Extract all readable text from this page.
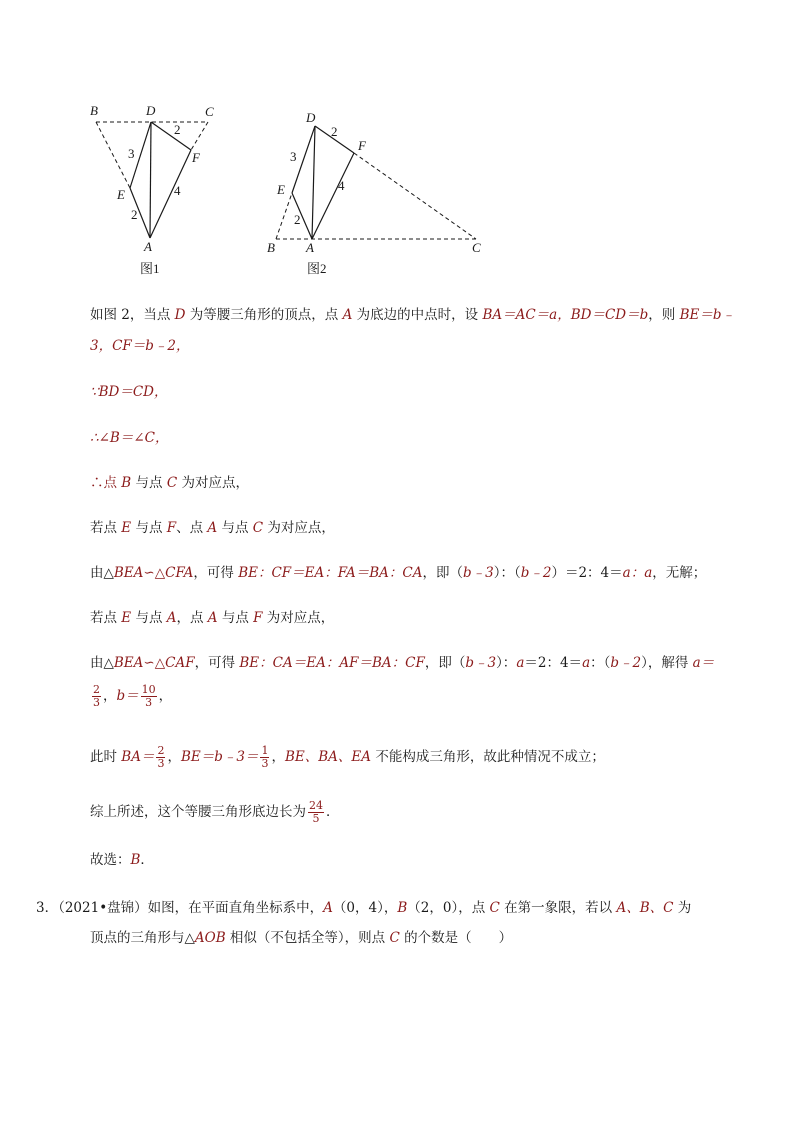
B	D	C
E
F
A
3
2
2
4
图1
D
F
E
B A	C
3
2
2
4
图2
如图 2，当点 D 为等腰三角形的顶点，点 A 为底边的中点时，设 BA＝AC＝a，BD＝CD＝b，则 BE＝b﹣
3，CF＝b﹣2，
∵BD＝CD，
∴∠B＝∠C，
∴点 B 与点 C 为对应点，
若点 E 与点 F、点 A 与点 C 为对应点，
由△BEA∽△CFA，可得 BE：CF＝EA：FA＝BA：CA，即（b﹣3）：（b﹣2）＝2：4＝a：a，无解；
若点 E 与点 A，点 A 与点 F 为对应点，
由△BEA∽△CAF，可得 BE：CA＝EA：AF＝BA：CF，即（b﹣3）：a＝2：4＝a：（b﹣2），解得 a＝
$\frac{2}{3}$ ，$b= \frac{10}{3}$ ，
此时 $BA= \frac{2}{3}$ ，BE＝b﹣3＝ $\frac{1}{3}$ ，BE、BA、EA 不能构成三角形，故此种情况不成立；
综上所述，这个等腰三角形底边长为 $\frac{24}{5}$ ．
故选：B．
3．（2021•盘锦）如图，在平面直角坐标系中，A（0，4），B（2，0），点 C 在第一象限，若以 A、B、C 为
顶点的三角形与△AOB 相似（不包括全等），则点 C 的个数是（　　）
